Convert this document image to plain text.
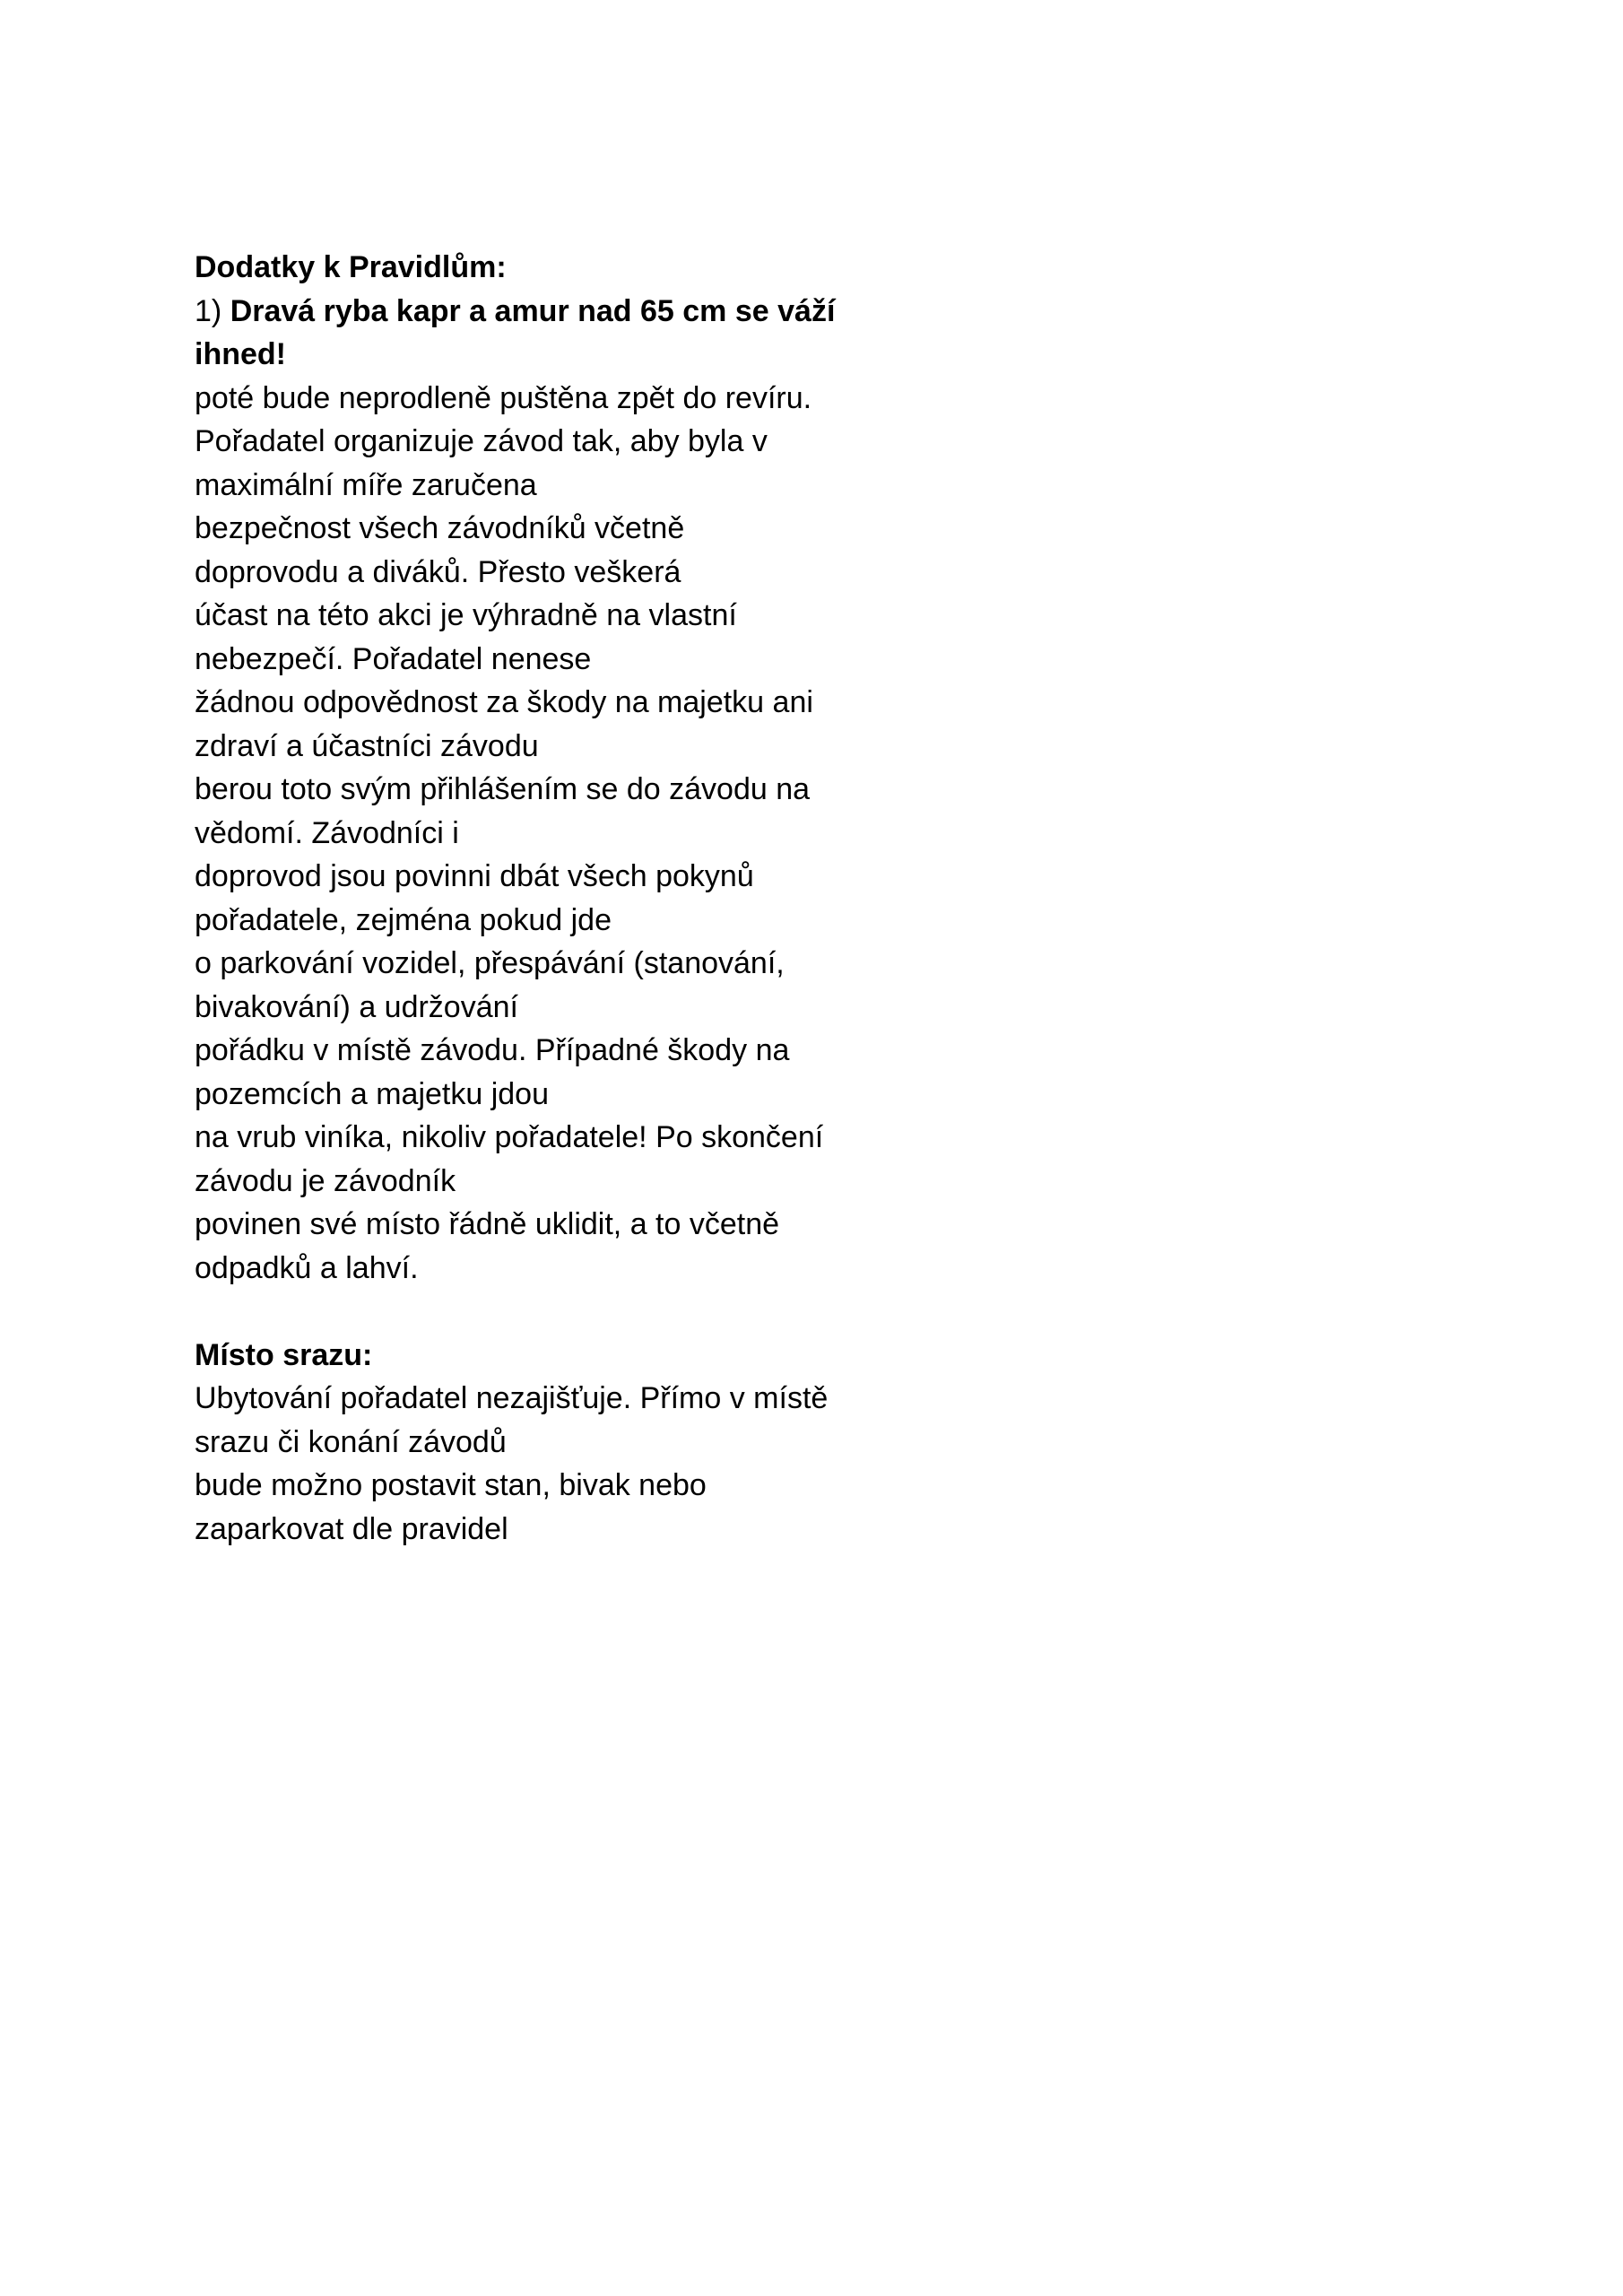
Dodatky k Pravidlům:
1) Dravá ryba kapr a amur nad 65 cm se váží
ihned!
poté bude neprodleně puštěna zpět do revíru.
Pořadatel organizuje závod tak, aby byla v
maximální míře zaručena
bezpečnost všech závodníků včetně
doprovodu a diváků. Přesto veškerá
účast na této akci je výhradně na vlastní
nebezpečí. Pořadatel nenese
žádnou odpovědnost za škody na majetku ani
zdraví a účastníci závodu
berou toto svým přihlášením se do závodu na
vědomí. Závodníci i
doprovod jsou povinni dbát všech pokynů
pořadatele, zejména pokud jde
o parkování vozidel, přespávání (stanování,
bivakování) a udržování
pořádku v místě závodu. Případné škody na
pozemcích a majetku jdou
na vrub viníka, nikoliv pořadatele! Po skončení
závodu je závodník
povinen své místo řádně uklidit, a to včetně
odpadků a lahví.
Místo srazu:
Ubytování pořadatel nezajišťuje. Přímo v místě
srazu či konání závodů
bude možno postavit stan, bivak nebo
zaparkovat dle pravidel
